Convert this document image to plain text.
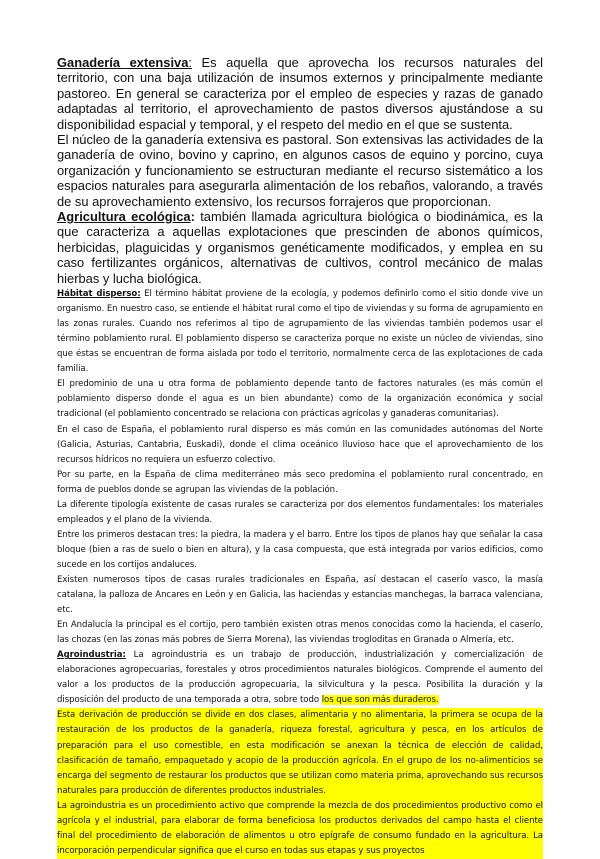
Ganadería extensiva: Es aquella que aprovecha los recursos naturales del territorio, con una baja utilización de insumos externos y principalmente mediante pastoreo. En general se caracteriza por el empleo de especies y razas de ganado adaptadas al territorio, el aprovechamiento de pastos diversos ajustándose a su disponibilidad espacial y temporal, y el respeto del medio en el que se sustenta.

El núcleo de la ganadería extensiva es pastoral. Son extensivas las actividades de la ganadería de ovino, bovino y caprino, en algunos casos de equino y porcino, cuya organización y funcionamiento se estructuran mediante el recurso sistemático a los espacios naturales para asegurarla alimentación de los rebaños, valorando, a través de su aprovechamiento extensivo, los recursos forrajeros que proporcionan.

Agricultura ecológica: también llamada agricultura biológica o biodinámica, es la que caracteriza a aquellas explotaciones que prescinden de abonos químicos, herbicidas, plaguicidas y organismos genéticamente modificados, y emplea en su caso fertilizantes orgánicos, alternativas de cultivos, control mecánico de malas hierbas y lucha biológica.

Hábitat disperso: El término hábitat proviene de la ecología, y podemos definirlo como el sitio donde vive un organismo. En nuestro caso, se entiende el hábitat rural como el tipo de viviendas y su forma de agrupamiento en las zonas rurales. Cuando nos referimos al tipo de agrupamiento de las viviendas también podemos usar el término poblamiento rural. El poblamiento disperso se caracteriza porque no existe un núcleo de viviendas, sino que éstas se encuentran de forma aislada por todo el territorio, normalmente cerca de las explotaciones de cada familia.

El predominio de una u otra forma de poblamiento depende tanto de factores naturales (es más común el poblamiento disperso donde el agua es un bien abundante) como de la organización económica y social tradicional (el poblamiento concentrado se relaciona con prácticas agrícolas y ganaderas comunitarias).

En el caso de España, el poblamiento rural disperso es más común en las comunidades autónomas del Norte (Galicia, Asturias, Cantabria, Euskadi), donde el clima oceánico lluvioso hace que el aprovechamiento de los recursos hídricos no requiera un esfuerzo colectivo.

Por su parte, en la España de clima mediterráneo más seco predomina el poblamiento rural concentrado, en forma de pueblos donde se agrupan las viviendas de la población.

La diferente tipología existente de casas rurales se caracteriza por dos elementos fundamentales: los materiales empleados y el plano de la vivienda.

Entre los primeros destacan tres: la piedra, la madera y el barro. Entre los tipos de planos hay que señalar la casa bloque (bien a ras de suelo o bien en altura), y la casa compuesta, que está integrada por varios edificios, como sucede en los cortijos andaluces.

Existen numerosos tipos de casas rurales tradicionales en España, así destacan el caserío vasco, la masía catalana, la palloza de Ancares en León y en Galicia, las haciendas y estancias manchegas, la barraca valenciana, etc.

En Andalucía la principal es el cortijo, pero también existen otras menos conocidas como la hacienda, el caserío, las chozas (en las zonas más pobres de Sierra Morena), las viviendas trogloditas en Granada o Almería, etc.

Agroindustria: La agroindustria es un trabajo de producción, industrialización y comercialización de elaboraciones agropecuarias, forestales y otros procedimientos naturales biológicos. Comprende el aumento del valor a los productos de la producción agropecuaria, la silvicultura y la pesca. Posibilita la duración y la disposición del producto de una temporada a otra, sobre todo los que son más duraderos.

Esta derivación de producción se divide en dos clases, alimentaria y no alimentaria, la primera se ocupa de la restauración de los productos de la ganadería, riqueza forestal, agricultura y pesca, en los artículos de preparación para el uso comestible, en esta modificación se anexan la técnica de elección de calidad, clasificación de tamaño, empaquetado y acopio de la producción agrícola. En el grupo de los no-alimenticios se encarga del segmento de restaurar los productos que se utilizan como materia prima, aprovechando sus recursos naturales para producción de diferentes productos industriales.

La agroindustria es un procedimiento activo que comprende la mezcla de dos procedimientos productivo como el agrícola y el industrial, para elaborar de forma beneficiosa los productos derivados del campo hasta el cliente final del procedimiento de elaboración de alimentos u otro epígrafe de consumo fundado en la agricultura. La incorporación perpendicular significa que el curso en todas sus etapas y sus proyectos
